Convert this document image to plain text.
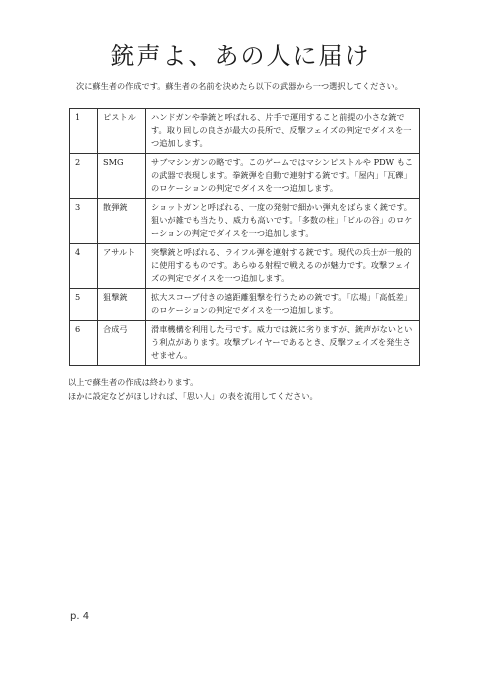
銃声よ、あの人に届け
次に蘇生者の作成です。蘇生者の名前を決めたら以下の武器から一つ選択してください。
1	ピストル	ハンドガンや拳銃と呼ばれる、片手で運用すること前提の小さな銃です。取り回しの良さが最大の長所で、反撃フェイズの判定でダイスを一つ追加します。
2	SMG	サブマシンガンの略です。このゲームではマシンピストルや PDW もこの武器で表現します。拳銃弾を自動で連射する銃です。「屋内」「瓦礫」のロケーションの判定でダイスを一つ追加します。
3	散弾銃	ショットガンと呼ばれる、一度の発射で細かい弾丸をばらまく銃です。狙いが雑でも当たり、威力も高いです。「多数の柱」「ビルの谷」のロケーションの判定でダイスを一つ追加します。
4	アサルト	突撃銃と呼ばれる、ライフル弾を連射する銃です。現代の兵士が一般的に使用するものです。あらゆる射程で戦えるのが魅力です。攻撃フェイズの判定でダイスを一つ追加します。
5	狙撃銃	拡大スコープ付きの遠距離狙撃を行うための銃です。「広場」「高低差」のロケーションの判定でダイスを一つ追加します。
6	合成弓	滑車機構を利用した弓です。威力では銃に劣りますが、銃声がないという利点があります。攻撃プレイヤーであるとき、反撃フェイズを発生させません。
以上で蘇生者の作成は終わります。
ほかに設定などがほしければ、「思い人」の表を流用してください。
p. 4
